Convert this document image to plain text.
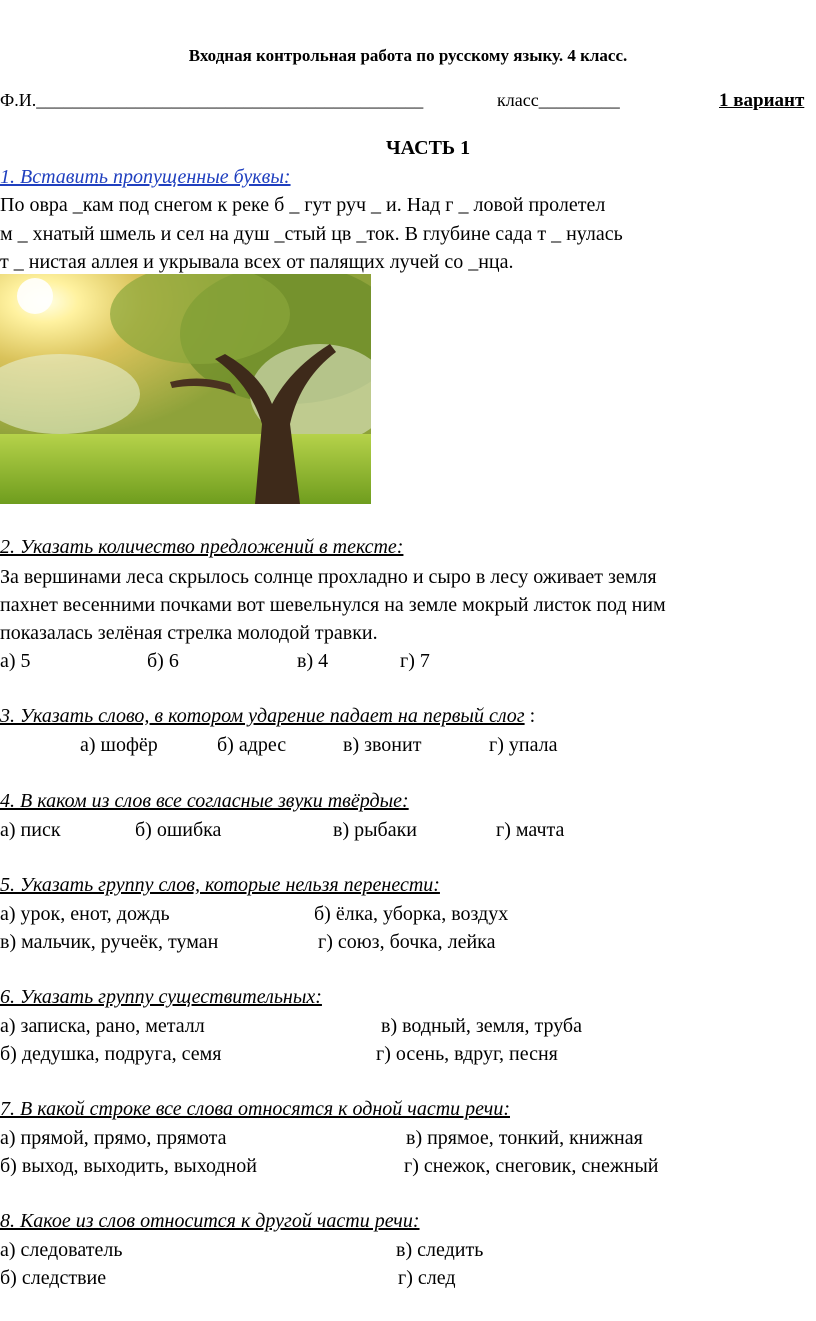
Входная контрольная работа по русскому языку. 4 класс.
Ф.И.___________________________________________	класс_________	1 вариант
ЧАСТЬ 1
1. Вставить пропущенные буквы:
По овра _кам под снегом к реке б _ гут руч _ и. Над г _ ловой пролетел
м _ хнатый шмель и сел на душ _стый цв _ток. В глубине сада т _ нулась
т _ нистая аллея и укрывала всех от палящих лучей со _нца.
2. Указать количество предложений в тексте:
За вершинами леса скрылось солнце прохладно и сыро в лесу оживает земля
пахнет весенними почками вот шевельнулся на земле мокрый листок под ним
показалась зелёная стрелка молодой травки.
а) 5	б) 6	в) 4	г) 7
3. Указать слово, в котором ударение падает на первый слог :
а) шофёр	б) адрес	в) звонит	г) упала
4. В каком из слов все согласные звуки твёрдые:
а) писк	б) ошибка	в) рыбаки	г) мачта
5. Указать группу слов, которые нельзя перенести:
а) урок, енот, дождь	б) ёлка, уборка, воздух
в) мальчик, ручеёк, туман	г) союз, бочка, лейка
6. Указать группу существительных:
а) записка, рано, металл	в) водный, земля, труба
б) дедушка, подруга, семя	г) осень, вдруг, песня
7. В какой строке все слова относятся к одной части речи:
а) прямой, прямо, прямота	в) прямое, тонкий, книжная
б) выход, выходить, выходной	г) снежок, снеговик, снежный
8. Какое из слов относится к другой части речи:
а) следователь	в) следить
б) следствие	г) след
